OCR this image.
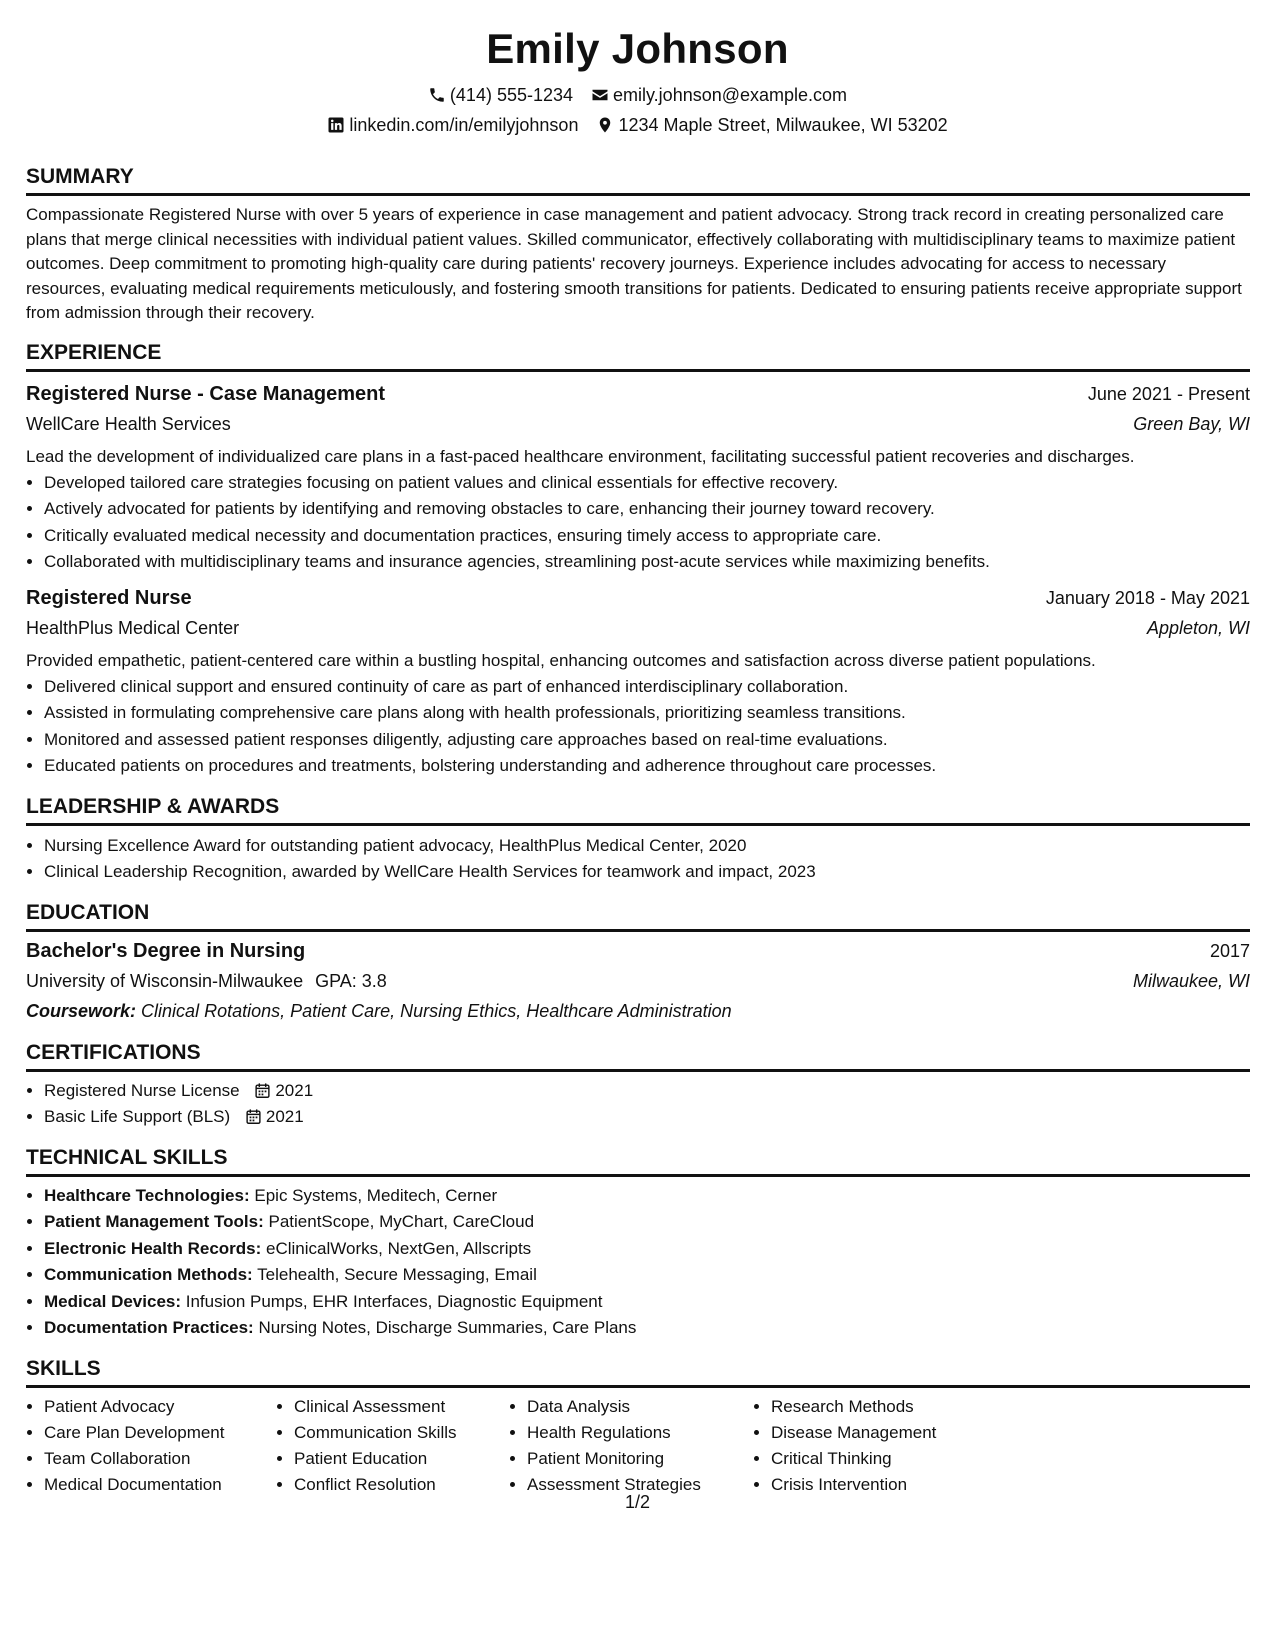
Emily Johnson
(414) 555-1234 emily.johnson@example.com
linkedin.com/in/emilyjohnson 1234 Maple Street, Milwaukee, WI 53202
SUMMARY

Compassionate Registered Nurse with over 5 years of experience in case management and patient advocacy. Strong track record in creating personalized care plans that merge clinical necessities with individual patient values. Skilled communicator, effectively collaborating with multidisciplinary teams to maximize patient outcomes. Deep commitment to promoting high-quality care during patients' recovery journeys. Experience includes advocating for access to necessary resources, evaluating medical requirements meticulously, and fostering smooth transitions for patients. Dedicated to ensuring patients receive appropriate support from admission through their recovery.

EXPERIENCE
Registered Nurse - Case Management	June 2021 - Present
WellCare Health Services	Green Bay, WI

Lead the development of individualized care plans in a fast-paced healthcare environment, facilitating successful patient recoveries and discharges.

• Developed tailored care strategies focusing on patient values and clinical essentials for effective recovery.
• Actively advocated for patients by identifying and removing obstacles to care, enhancing their journey toward recovery.
• Critically evaluated medical necessity and documentation practices, ensuring timely access to appropriate care.
• Collaborated with multidisciplinary teams and insurance agencies, streamlining post-acute services while maximizing benefits.
Registered Nurse	January 2018 - May 2021
HealthPlus Medical Center	Appleton, WI

Provided empathetic, patient-centered care within a bustling hospital, enhancing outcomes and satisfaction across diverse patient populations.

• Delivered clinical support and ensured continuity of care as part of enhanced interdisciplinary collaboration.
• Assisted in formulating comprehensive care plans along with health professionals, prioritizing seamless transitions.
• Monitored and assessed patient responses diligently, adjusting care approaches based on real-time evaluations.
• Educated patients on procedures and treatments, bolstering understanding and adherence throughout care processes.
LEADERSHIP & AWARDS
• Nursing Excellence Award for outstanding patient advocacy, HealthPlus Medical Center, 2020
• Clinical Leadership Recognition, awarded by WellCare Health Services for teamwork and impact, 2023
EDUCATION
Bachelor's Degree in Nursing	2017
University of Wisconsin-Milwaukee GPA: 3.8	Milwaukee, WI
Coursework: Clinical Rotations, Patient Care, Nursing Ethics, Healthcare Administration
CERTIFICATIONS
• Registered Nurse License 2021
• Basic Life Support (BLS) 2021
TECHNICAL SKILLS
• Healthcare Technologies: Epic Systems, Meditech, Cerner
• Patient Management Tools: PatientScope, MyChart, CareCloud
• Electronic Health Records: eClinicalWorks, NextGen, Allscripts
• Communication Methods: Telehealth, Secure Messaging, Email
• Medical Devices: Infusion Pumps, EHR Interfaces, Diagnostic Equipment
• Documentation Practices: Nursing Notes, Discharge Summaries, Care Plans
SKILLS
• Patient Advocacy
• Care Plan Development
• Team Collaboration
• Medical Documentation
• Clinical Assessment
• Communication Skills
• Patient Education
• Conflict Resolution
• Data Analysis
• Health Regulations
• Patient Monitoring
• Assessment Strategies
• Research Methods
• Disease Management
• Critical Thinking
• Crisis Intervention
1/2
